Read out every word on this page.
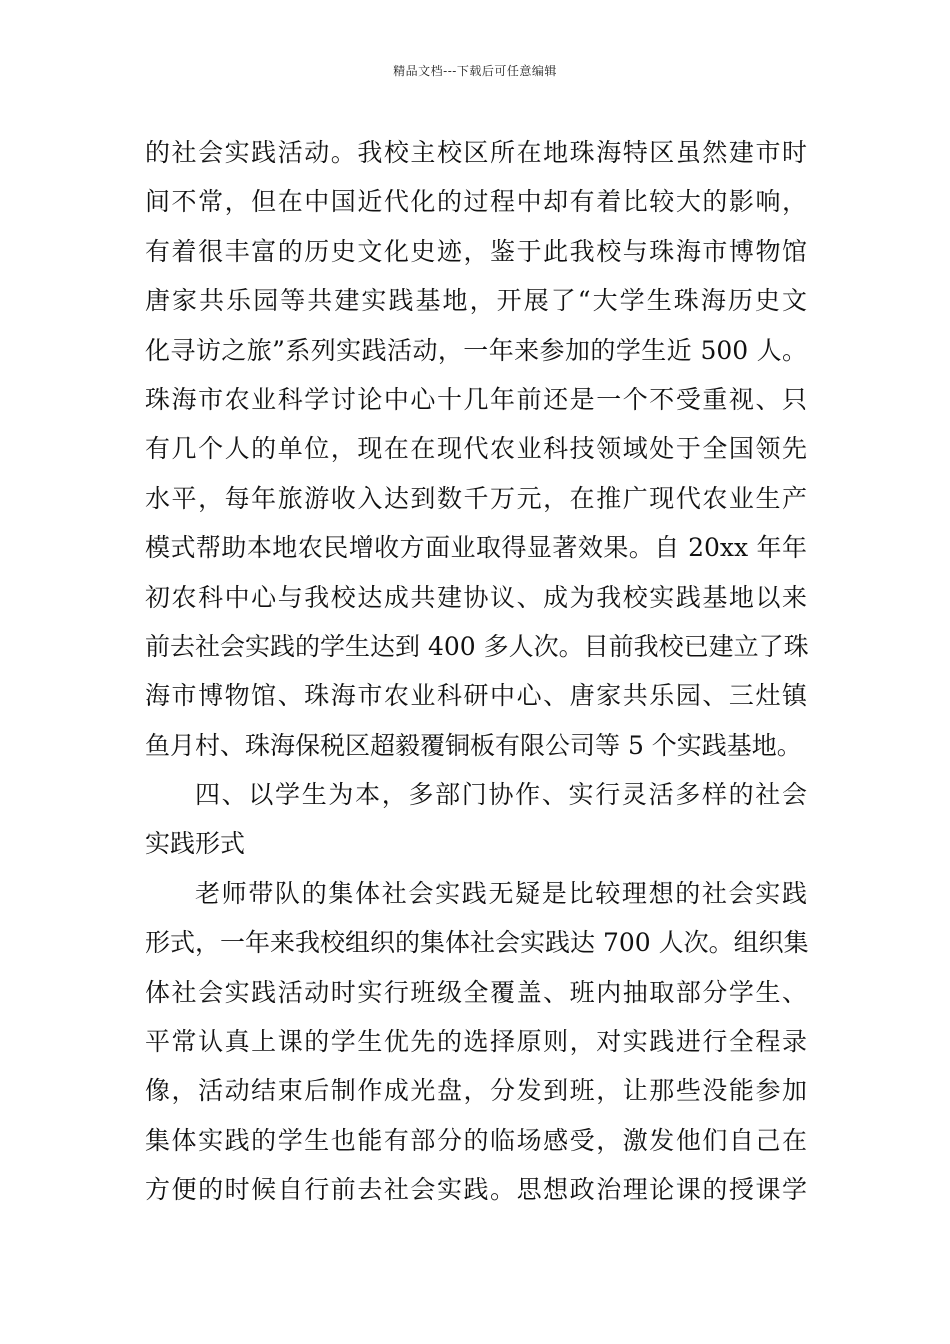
精品文档---下载后可任意编辑
的社会实践活动。我校主校区所在地珠海特区虽然建市时
间不常，但在中国近代化的过程中却有着比较大的影响，
有着很丰富的历史文化史迹，鉴于此我校与珠海市博物馆
唐家共乐园等共建实践基地，开展了“大学生珠海历史文
化寻访之旅”系列实践活动，一年来参加的学生近 500 人。
珠海市农业科学讨论中心十几年前还是一个不受重视、只
有几个人的单位，现在在现代农业科技领域处于全国领先
水平，每年旅游收入达到数千万元，在推广现代农业生产
模式帮助本地农民增收方面业取得显著效果。自 20xx 年年
初农科中心与我校达成共建协议、成为我校实践基地以来
前去社会实践的学生达到 400 多人次。目前我校已建立了珠
海市博物馆、珠海市农业科研中心、唐家共乐园、三灶镇
鱼月村、珠海保税区超毅覆铜板有限公司等 5 个实践基地。
四、以学生为本，多部门协作、实行灵活多样的社会
实践形式
老师带队的集体社会实践无疑是比较理想的社会实践
形式，一年来我校组织的集体社会实践达 700 人次。组织集
体社会实践活动时实行班级全覆盖、班内抽取部分学生、
平常认真上课的学生优先的选择原则，对实践进行全程录
像，活动结束后制作成光盘，分发到班，让那些没能参加
集体实践的学生也能有部分的临场感受，激发他们自己在
方便的时候自行前去社会实践。思想政治理论课的授课学
